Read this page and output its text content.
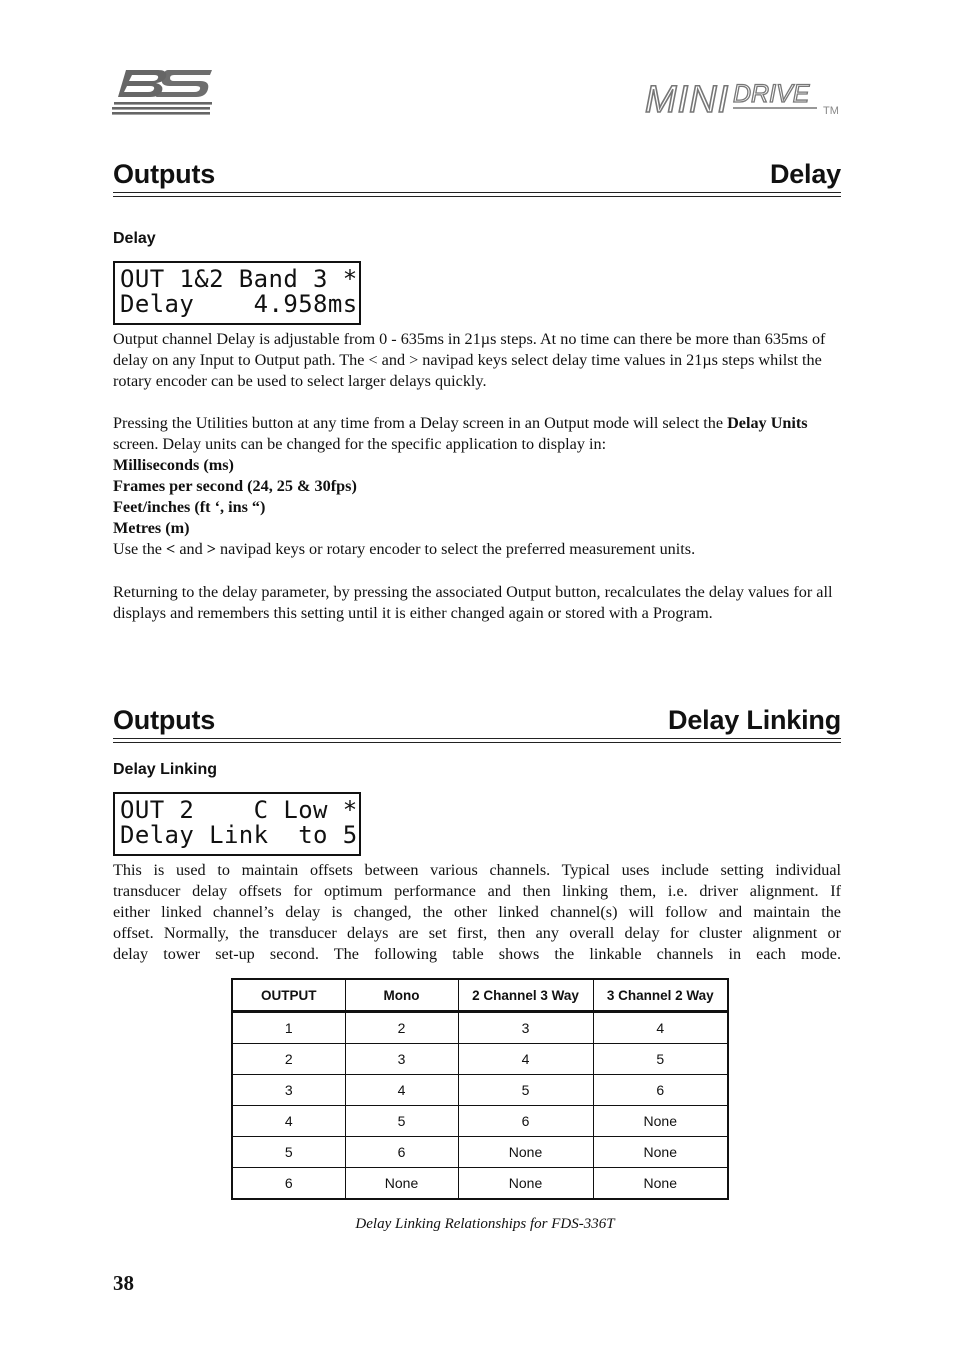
BSS
MINI DRIVE
TM
Outputs	Delay
Delay
OUT 1&2 Band 3 *
Delay    4.958ms

Output channel Delay is adjustable from 0 - 635ms in 21µs steps. At no time can there be more than 635ms of delay on any Input to Output path. The < and > navipad keys select delay time values in 21µs steps whilst the rotary encoder can be used to select larger delays quickly.

Pressing the Utilities button at any time from a Delay screen in an Output mode will select the Delay Units screen. Delay units can be changed for the specific application to display in:

Milliseconds (ms)

Frames per second (24, 25 & 30fps)

Feet/inches (ft ‘, ins “)

Metres (m)

Use the < and > navipad keys or rotary encoder to select the preferred measurement units.

Returning to the delay parameter, by pressing the associated Output button, recalculates the delay values for all displays and remembers this setting until it is either changed again or stored with a Program.

Outputs	Delay Linking
Delay Linking
OUT 2    C Low *
Delay Link  to 5

This is used to maintain offsets between various channels. Typical uses include setting individual

transducer delay offsets for optimum performance and then linking them, i.e. driver alignment. If

either linked channel’s delay is changed, the other linked channel(s) will follow and maintain the

offset. Normally, the transducer delays are set first, then any overall delay for cluster alignment or

delay tower set-up second. The following table shows the linkable channels in each mode.

OUTPUT	Mono	2 Channel 3 Way	3 Channel 2 Way
1	2	3	4
2	3	4	5
3	4	5	6
4	5	6	None
5	6	None	None
6	None	None	None
Delay Linking Relationships for FDS-336T
38
